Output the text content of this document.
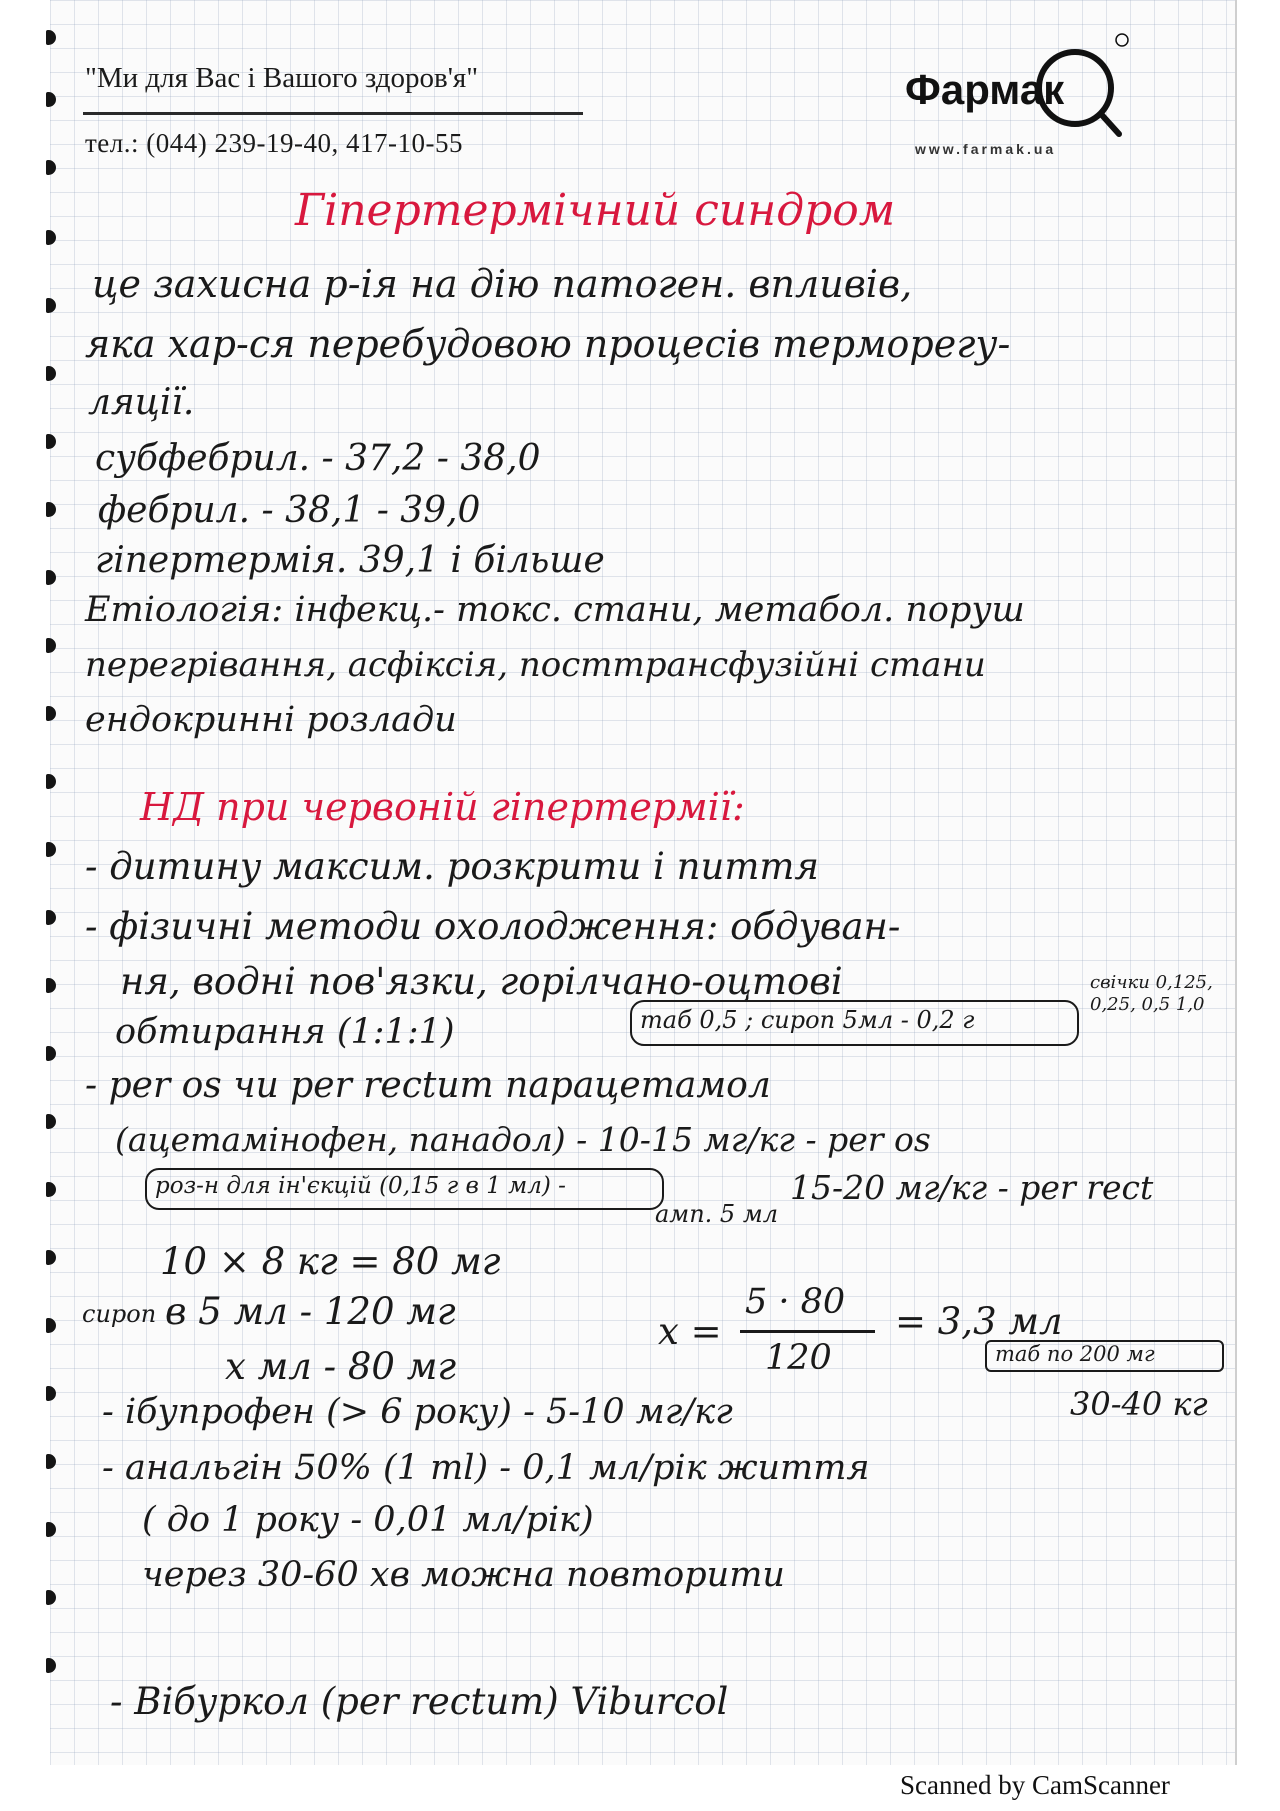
"Ми для Вас і Вашого здоров'я"
тел.: (044) 239-19-40, 417-10-55
Фармак
www.farmak.ua
Гіпертермічний синдром
це захисна р-ія на дію патоген. впливів,
яка хар-ся перебудовою процесів терморегу-
ляції.
субфебрил. - 37,2 - 38,0
фебрил. - 38,1 - 39,0
гіпертермія. 39,1 і більше
Етіологія: інфекц.- токс. стани, метабол. поруш
перегрівання, асфіксія, посттрансфузійні стани
ендокринні розлади
НД при червоній гіпертермії:
- дитину максим. розкрити і пиття
- фізичні методи охолодження: обдуван-
ня, водні пов'язки, горілчано-оцтові
обтирання (1:1:1)	таб 0,5 ; сироп 5мл - 0,2 г
свічки 0,125, 0,25, 0,5 1,0
- per os чи per rectum парацетамол
(ацетамінофен, панадол) - 10-15 мг/кг - per os
роз-н для ін'єкцій (0,15 г в 1 мл) -
амп. 5 мл
15-20 мг/кг - per rect
10 × 8 кг = 80 мг
сироп в 5 мл - 120 мг
х мл - 80 мг
х =
5 · 80
120
= 3,3 мл
таб по 200 мг
- ібупрофен (> 6 року) - 5-10 мг/кг	30-40 кг
- анальгін 50% (1 ml) - 0,1 мл/рік життя
( до 1 року - 0,01 мл/рік)
через 30-60 хв можна повторити
- Вібуркол (per rectum) Viburcol
Scanned by CamScanner
